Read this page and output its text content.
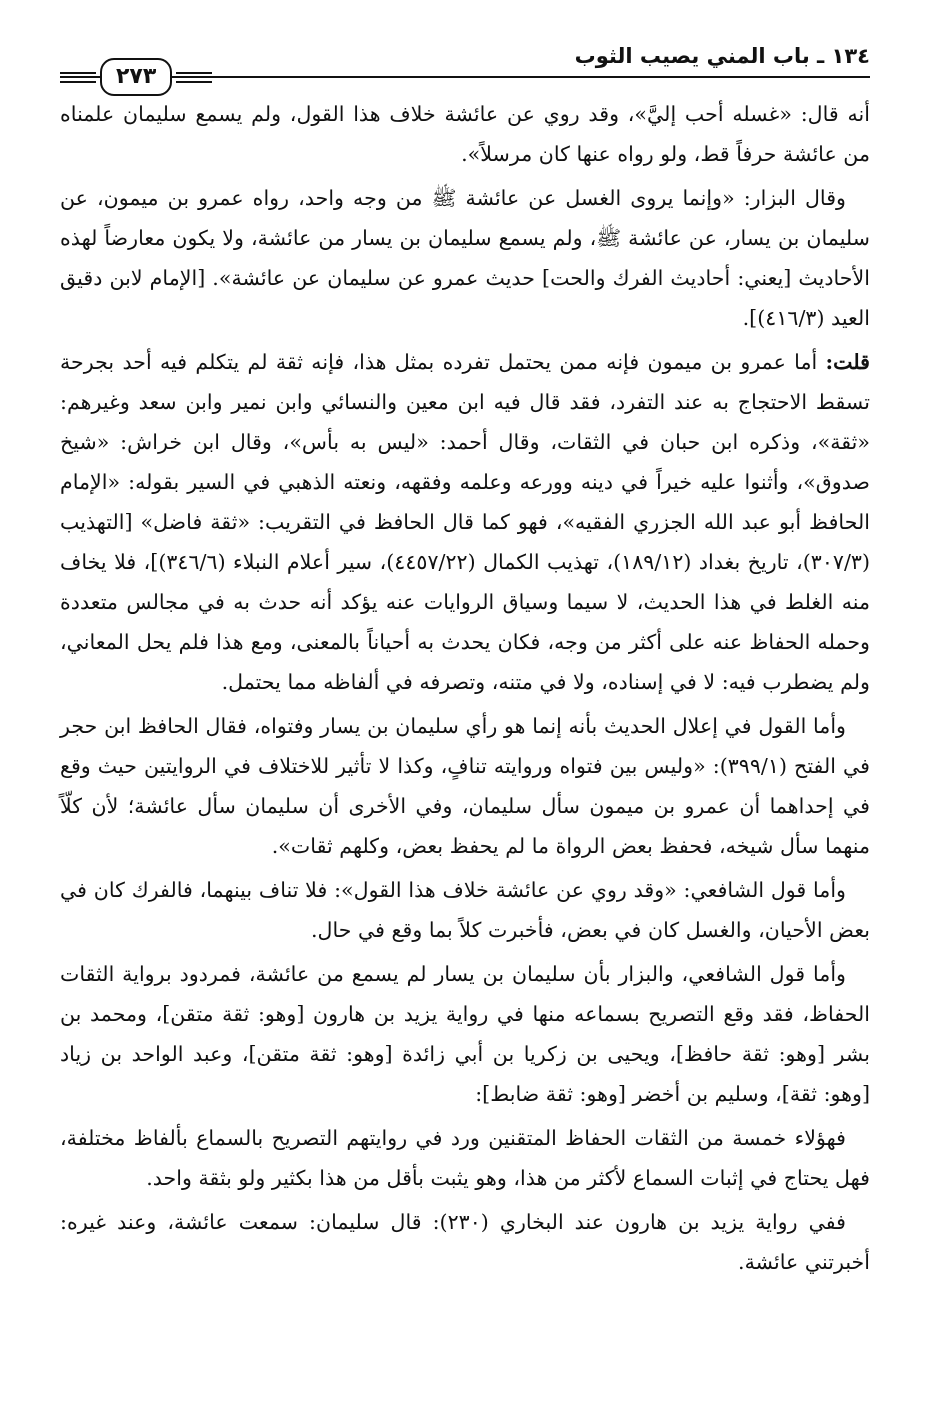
١٣٤ ـ باب المني يصيب الثوب
٢٧٣

أنه قال: «غسله أحب إليَّ»، وقد روي عن عائشة خلاف هذا القول، ولم يسمع سليمان علمناه من عائشة حرفاً قط، ولو رواه عنها كان مرسلاً».

وقال البزار: «وإنما يروى الغسل عن عائشة ﷺ من وجه واحد، رواه عمرو بن ميمون، عن سليمان بن يسار، عن عائشة ﷺ، ولم يسمع سليمان بن يسار من عائشة، ولا يكون معارضاً لهذه الأحاديث [يعني: أحاديث الفرك والحت] حديث عمرو عن سليمان عن عائشة». [الإمام لابن دقيق العيد (٤١٦/٣)].

قلت: أما عمرو بن ميمون فإنه ممن يحتمل تفرده بمثل هذا، فإنه ثقة لم يتكلم فيه أحد بجرحة تسقط الاحتجاج به عند التفرد، فقد قال فيه ابن معين والنسائي وابن نمير وابن سعد وغيرهم: «ثقة»، وذكره ابن حبان في الثقات، وقال أحمد: «ليس به بأس»، وقال ابن خراش: «شيخ صدوق»، وأثنوا عليه خيراً في دينه وورعه وعلمه وفقهه، ونعته الذهبي في السير بقوله: «الإمام الحافظ أبو عبد الله الجزري الفقيه»، فهو كما قال الحافظ في التقريب: «ثقة فاضل» [التهذيب (٣٠٧/٣)، تاريخ بغداد (١٨٩/١٢)، تهذيب الكمال (٤٤٥٧/٢٢)، سير أعلام النبلاء (٣٤٦/٦)]، فلا يخاف منه الغلط في هذا الحديث، لا سيما وسياق الروايات عنه يؤكد أنه حدث به في مجالس متعددة وحمله الحفاظ عنه على أكثر من وجه، فكان يحدث به أحياناً بالمعنى، ومع هذا فلم يحل المعاني، ولم يضطرب فيه: لا في إسناده، ولا في متنه، وتصرفه في ألفاظه مما يحتمل.

وأما القول في إعلال الحديث بأنه إنما هو رأي سليمان بن يسار وفتواه، فقال الحافظ ابن حجر في الفتح (٣٩٩/١): «وليس بين فتواه وروايته تنافٍ، وكذا لا تأثير للاختلاف في الروايتين حيث وقع في إحداهما أن عمرو بن ميمون سأل سليمان، وفي الأخرى أن سليمان سأل عائشة؛ لأن كلّاً منهما سأل شيخه، فحفظ بعض الرواة ما لم يحفظ بعض، وكلهم ثقات».

وأما قول الشافعي: «وقد روي عن عائشة خلاف هذا القول»: فلا تناف بينهما، فالفرك كان في بعض الأحيان، والغسل كان في بعض، فأخبرت كلاً بما وقع في حال.

وأما قول الشافعي، والبزار بأن سليمان بن يسار لم يسمع من عائشة، فمردود برواية الثقات الحفاظ، فقد وقع التصريح بسماعه منها في رواية يزيد بن هارون [وهو: ثقة متقن]، ومحمد بن بشر [وهو: ثقة حافظ]، ويحيى بن زكريا بن أبي زائدة [وهو: ثقة متقن]، وعبد الواحد بن زياد [وهو: ثقة]، وسليم بن أخضر [وهو: ثقة ضابط]:

فهؤلاء خمسة من الثقات الحفاظ المتقنين ورد في روايتهم التصريح بالسماع بألفاظ مختلفة، فهل يحتاج في إثبات السماع لأكثر من هذا، وهو يثبت بأقل من هذا بكثير ولو بثقة واحد.

ففي رواية يزيد بن هارون عند البخاري (٢٣٠): قال سليمان: سمعت عائشة، وعند غيره: أخبرتني عائشة.
